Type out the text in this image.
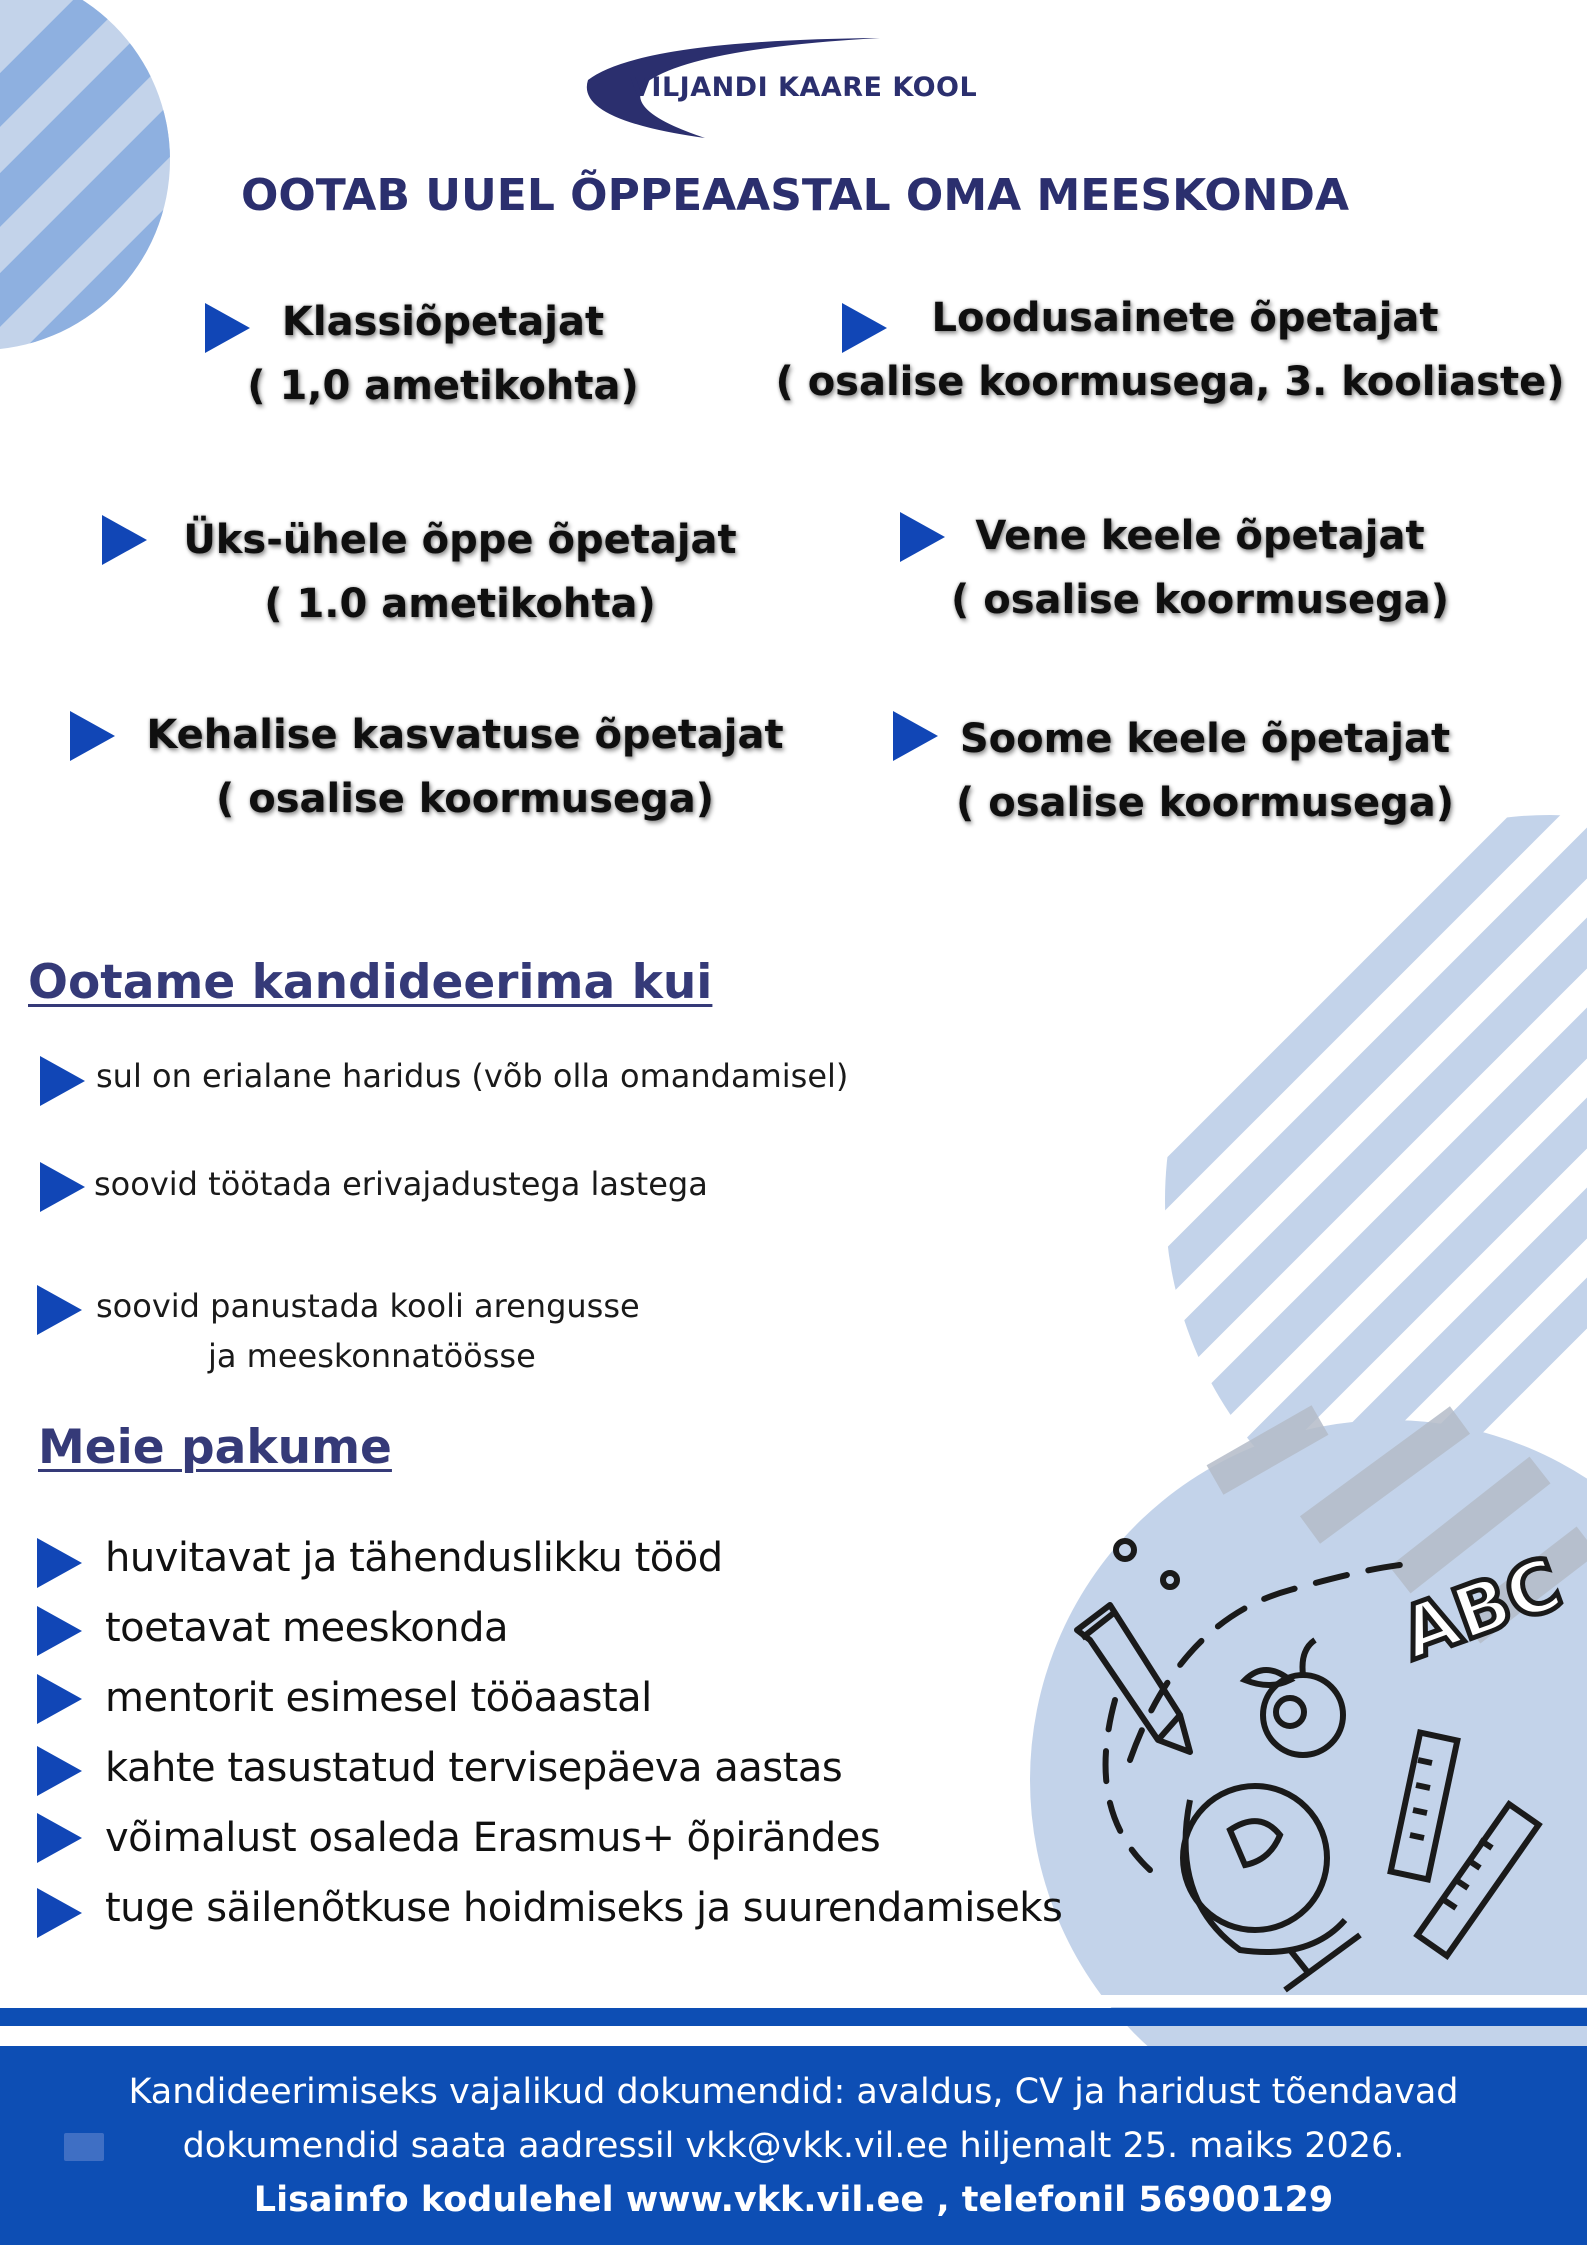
ABC
VILJANDI KAARE KOOL
OOTAB UUEL ÕPPEAASTAL OMA MEESKONDA
Klassiõpetajat
( 1,0 ametikohta)
Loodusainete õpetajat
( osalise koormusega, 3. kooliaste)
Üks-ühele õppe õpetajat
( 1.0 ametikohta)
Vene keele õpetajat
( osalise koormusega)
Kehalise kasvatuse õpetajat
( osalise koormusega)
Soome keele õpetajat
( osalise koormusega)
Ootame kandideerima kui
sul on erialane haridus (võb olla omandamisel)
soovid töötada erivajadustega lastega
soovid panustada kooli arengusse
ja meeskonnatöösse
Meie pakume
huvitavat ja tähenduslikku tööd
toetavat meeskonda
mentorit esimesel tööaastal
kahte tasustatud tervisepäeva aastas
võimalust osaleda Erasmus+ õpirändes
tuge säilenõtkuse hoidmiseks ja suurendamiseks
Kandideerimiseks vajalikud dokumendid: avaldus, CV ja haridust tõendavad
dokumendid saata aadressil vkk@vkk.vil.ee hiljemalt 25. maiks 2026.
Lisainfo kodulehel www.vkk.vil.ee , telefonil 56900129
